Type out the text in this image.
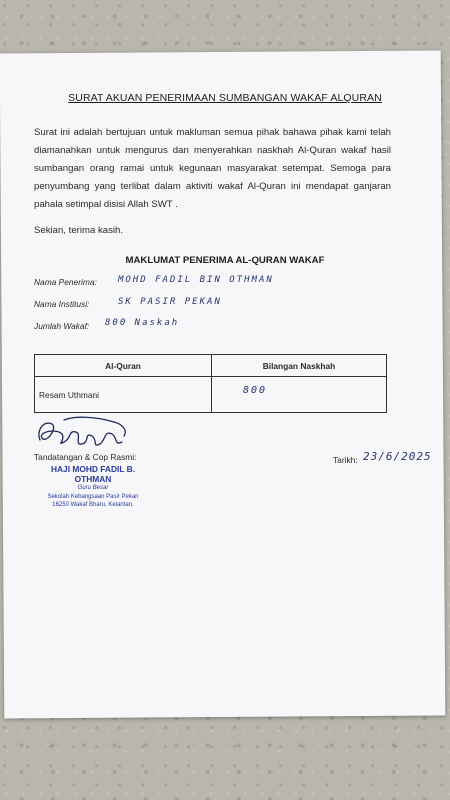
SURAT AKUAN PENERIMAAN SUMBANGAN WAKAF ALQURAN
Surat ini adalah bertujuan untuk makluman semua pihak bahawa pihak kami telah diamanahkan untuk mengurus dan menyerahkan naskhah Al-Quran wakaf hasil sumbangan orang ramai untuk kegunaan masyarakat setempat. Semoga para penyumbang yang terlibat dalam aktiviti wakaf Al-Quran ini mendapat ganjaran pahala setimpal disisi Allah SWT .
Sekian, terima kasih.
MAKLUMAT PENERIMA AL-QURAN WAKAF
Nama Penerima: MOHD FADIL BIN OTHMAN
Nama Institusi:	SK PASIR PEKAN
Jumlah Wakaf: 800 Naskah
Al-Quran	Bilangan Naskhah
Resam Uthmani	800
Tandatangan & Cop Rasmi:
HAJI MOHD FADIL B. OTHMAN
Guru Besar
Sekolah Kebangsaan Pasir Pekan
16250 Wakaf Bharu, Kelantan.
Tarikh: 23/6/2025
